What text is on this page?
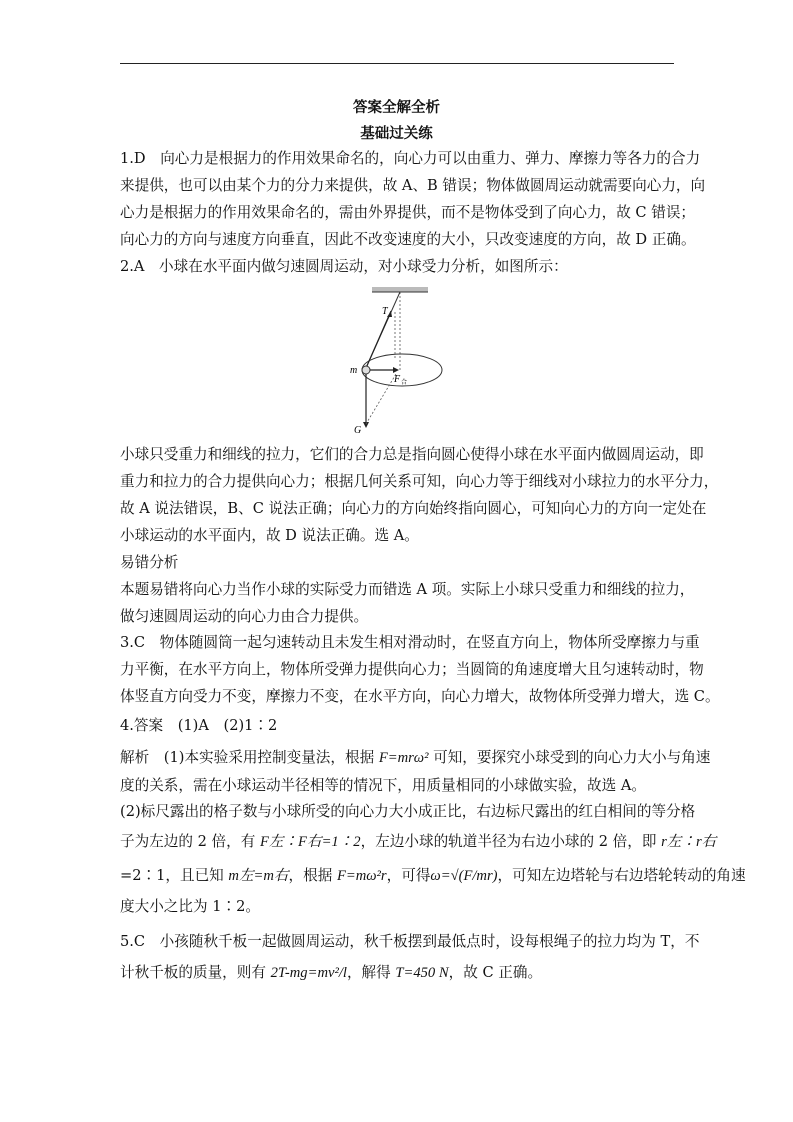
答案全解全析
基础过关练
1.D　向心力是根据力的作用效果命名的，向心力可以由重力、弹力、摩擦力等各力的合力
来提供，也可以由某个力的分力来提供，故 A、B 错误；物体做圆周运动就需要向心力，向
心力是根据力的作用效果命名的，需由外界提供，而不是物体受到了向心力，故 C 错误；
向心力的方向与速度方向垂直，因此不改变速度的大小，只改变速度的方向，故 D 正确。
2.A　小球在水平面内做匀速圆周运动，对小球受力分析，如图所示：
T
m
F 合
G
小球只受重力和细线的拉力，它们的合力总是指向圆心使得小球在水平面内做圆周运动，即
重力和拉力的合力提供向心力；根据几何关系可知，向心力等于细线对小球拉力的水平分力，
故 A 说法错误，B、C 说法正确；向心力的方向始终指向圆心，可知向心力的方向一定处在
小球运动的水平面内，故 D 说法正确。选 A。
易错分析
本题易错将向心力当作小球的实际受力而错选 A 项。实际上小球只受重力和细线的拉力，
做匀速圆周运动的向心力由合力提供。
3.C　物体随圆筒一起匀速转动且未发生相对滑动时，在竖直方向上，物体所受摩擦力与重
力平衡，在水平方向上，物体所受弹力提供向心力；当圆筒的角速度增大且匀速转动时，物
体竖直方向受力不变，摩擦力不变，在水平方向，向心力增大，故物体所受弹力增大，选 C。
4.答案　(1)A　(2)1∶2
解析　(1)本实验采用控制变量法，根据 F=mrω² 可知，要探究小球受到的向心力大小与角速
度的关系，需在小球运动半径相等的情况下，用质量相同的小球做实验，故选 A。
(2)标尺露出的格子数与小球所受的向心力大小成正比，右边标尺露出的红白相间的等分格
子为左边的 2 倍，有 F左∶F右=1∶2，左边小球的轨道半径为右边小球的 2 倍，即 r左∶r右
=2∶1，且已知 m左=m右，根据 F=mω²r，可得ω=√(F/mr)，可知左边塔轮与右边塔轮转动的角速
度大小之比为 1∶2。
5.C　小孩随秋千板一起做圆周运动，秋千板摆到最低点时，设每根绳子的拉力均为 T，不
计秋千板的质量，则有 2T-mg=mv²/l，解得 T=450 N，故 C 正确。
